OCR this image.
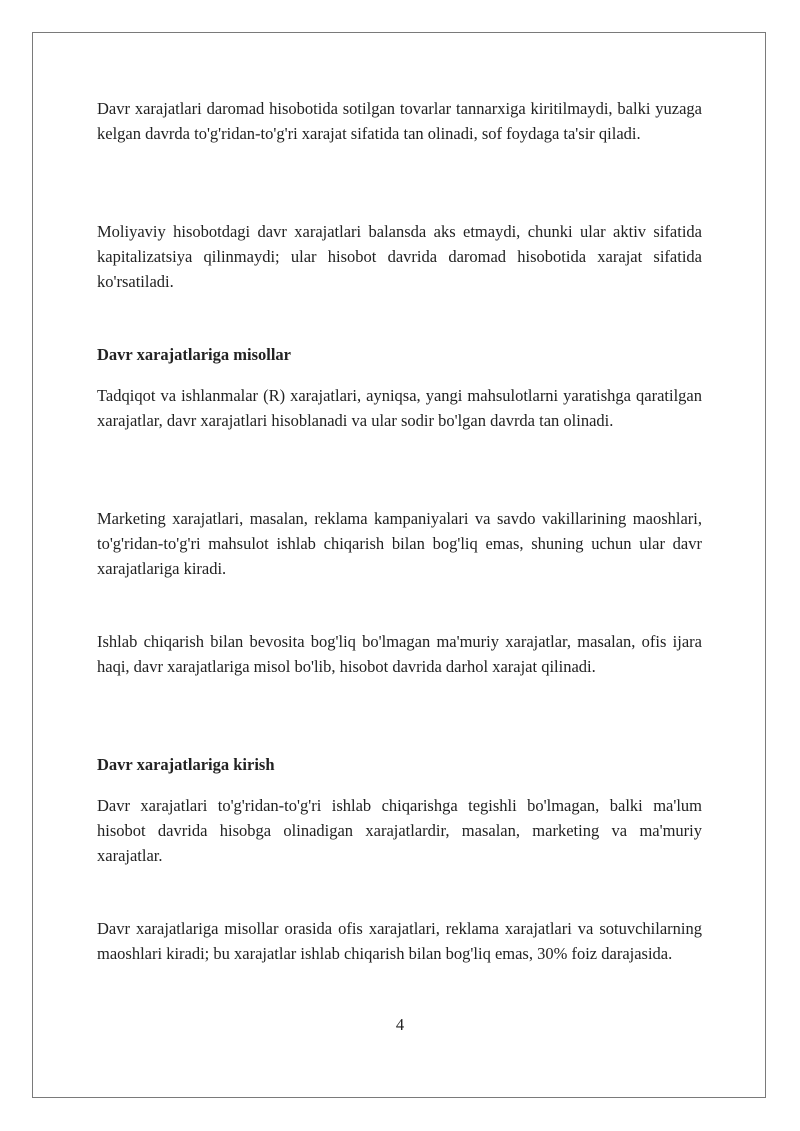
Davr xarajatlari daromad hisobotida sotilgan tovarlar tannarxiga kiritilmaydi, balki yuzaga kelgan davrda to'g'ridan-to'g'ri xarajat sifatida tan olinadi, sof foydaga ta'sir qiladi.

Moliyaviy hisobotdagi davr xarajatlari balansda aks etmaydi, chunki ular aktiv sifatida kapitalizatsiya qilinmaydi; ular hisobot davrida daromad hisobotida xarajat sifatida ko'rsatiladi.

Davr xarajatlariga misollar

Tadqiqot va ishlanmalar (R) xarajatlari, ayniqsa, yangi mahsulotlarni yaratishga qaratilgan xarajatlar, davr xarajatlari hisoblanadi va ular sodir bo'lgan davrda tan olinadi.

Marketing xarajatlari, masalan, reklama kampaniyalari va savdo vakillarining maoshlari, to'g'ridan-to'g'ri mahsulot ishlab chiqarish bilan bog'liq emas, shuning uchun ular davr xarajatlariga kiradi.

Ishlab chiqarish bilan bevosita bog'liq bo'lmagan ma'muriy xarajatlar, masalan, ofis ijara haqi, davr xarajatlariga misol bo'lib, hisobot davrida darhol xarajat qilinadi.

Davr xarajatlariga kirish

Davr xarajatlari to'g'ridan-to'g'ri ishlab chiqarishga tegishli bo'lmagan, balki ma'lum hisobot davrida hisobga olinadigan xarajatlardir, masalan, marketing va ma'muriy xarajatlar.

Davr xarajatlariga misollar orasida ofis xarajatlari, reklama xarajatlari va sotuvchilarning maoshlari kiradi; bu xarajatlar ishlab chiqarish bilan bog'liq emas, 30% foiz darajasida.

4
